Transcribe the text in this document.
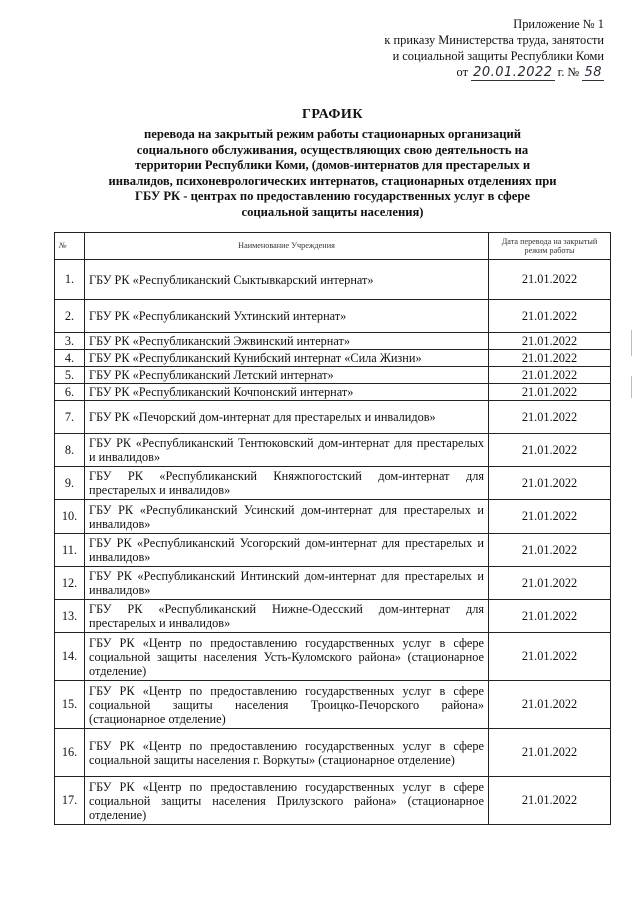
Приложение № 1
к приказу Министерства труда, занятости
и социальной защиты Республики Коми
от 20.01.2022 г. № 58
ГРАФИК
перевода на закрытый режим работы стационарных организаций
социального обслуживания, осуществляющих свою деятельность на
территории Республики Коми, (домов-интернатов для престарелых и
инвалидов, психоневрологических интернатов, стационарных отделениях при
ГБУ РК - центрах по предоставлению государственных услуг в сфере
социальной защиты населения)
№	Наименование Учреждения	Дата перевода на закрытый режим работы
1.	ГБУ РК «Республиканский Сыктывкарский интернат»	21.01.2022
2.	ГБУ РК «Республиканский Ухтинский интернат»	21.01.2022
3.	ГБУ РК «Республиканский Эжвинский интернат»	21.01.2022
4.	ГБУ РК «Республиканский Кунибский интернат «Сила Жизни»	21.01.2022
5.	ГБУ РК «Республиканский Летский интернат»	21.01.2022
6.	ГБУ РК «Республиканский Кочпонский интернат»	21.01.2022
7.	ГБУ РК «Печорский дом-интернат для престарелых и инвалидов»	21.01.2022
8.	ГБУ РК «Республиканский Тентюковский дом-интернат для престарелых и инвалидов»	21.01.2022
9.	ГБУ РК «Республиканский Княжпогостский дом-интернат для престарелых и инвалидов»	21.01.2022
10.	ГБУ РК «Республиканский Усинский дом-интернат для престарелых и инвалидов»	21.01.2022
11.	ГБУ РК «Республиканский Усогорский дом-интернат для престарелых и инвалидов»	21.01.2022
12.	ГБУ РК «Республиканский Интинский дом-интернат для престарелых и инвалидов»	21.01.2022
13.	ГБУ РК «Республиканский Нижне-Одесский дом-интернат для престарелых и инвалидов»	21.01.2022
14.	ГБУ РК «Центр по предоставлению государственных услуг в сфере социальной защиты населения Усть-Куломского района» (стационарное отделение)	21.01.2022
15.	ГБУ РК «Центр по предоставлению государственных услуг в сфере социальной защиты населения Троицко-Печорского района» (стационарное отделение)	21.01.2022
16.	ГБУ РК «Центр по предоставлению государственных услуг в сфере социальной защиты населения г. Воркуты» (стационарное отделение)	21.01.2022
17.	ГБУ РК «Центр по предоставлению государственных услуг в сфере социальной защиты населения Прилузского района» (стационарное отделение)	21.01.2022
